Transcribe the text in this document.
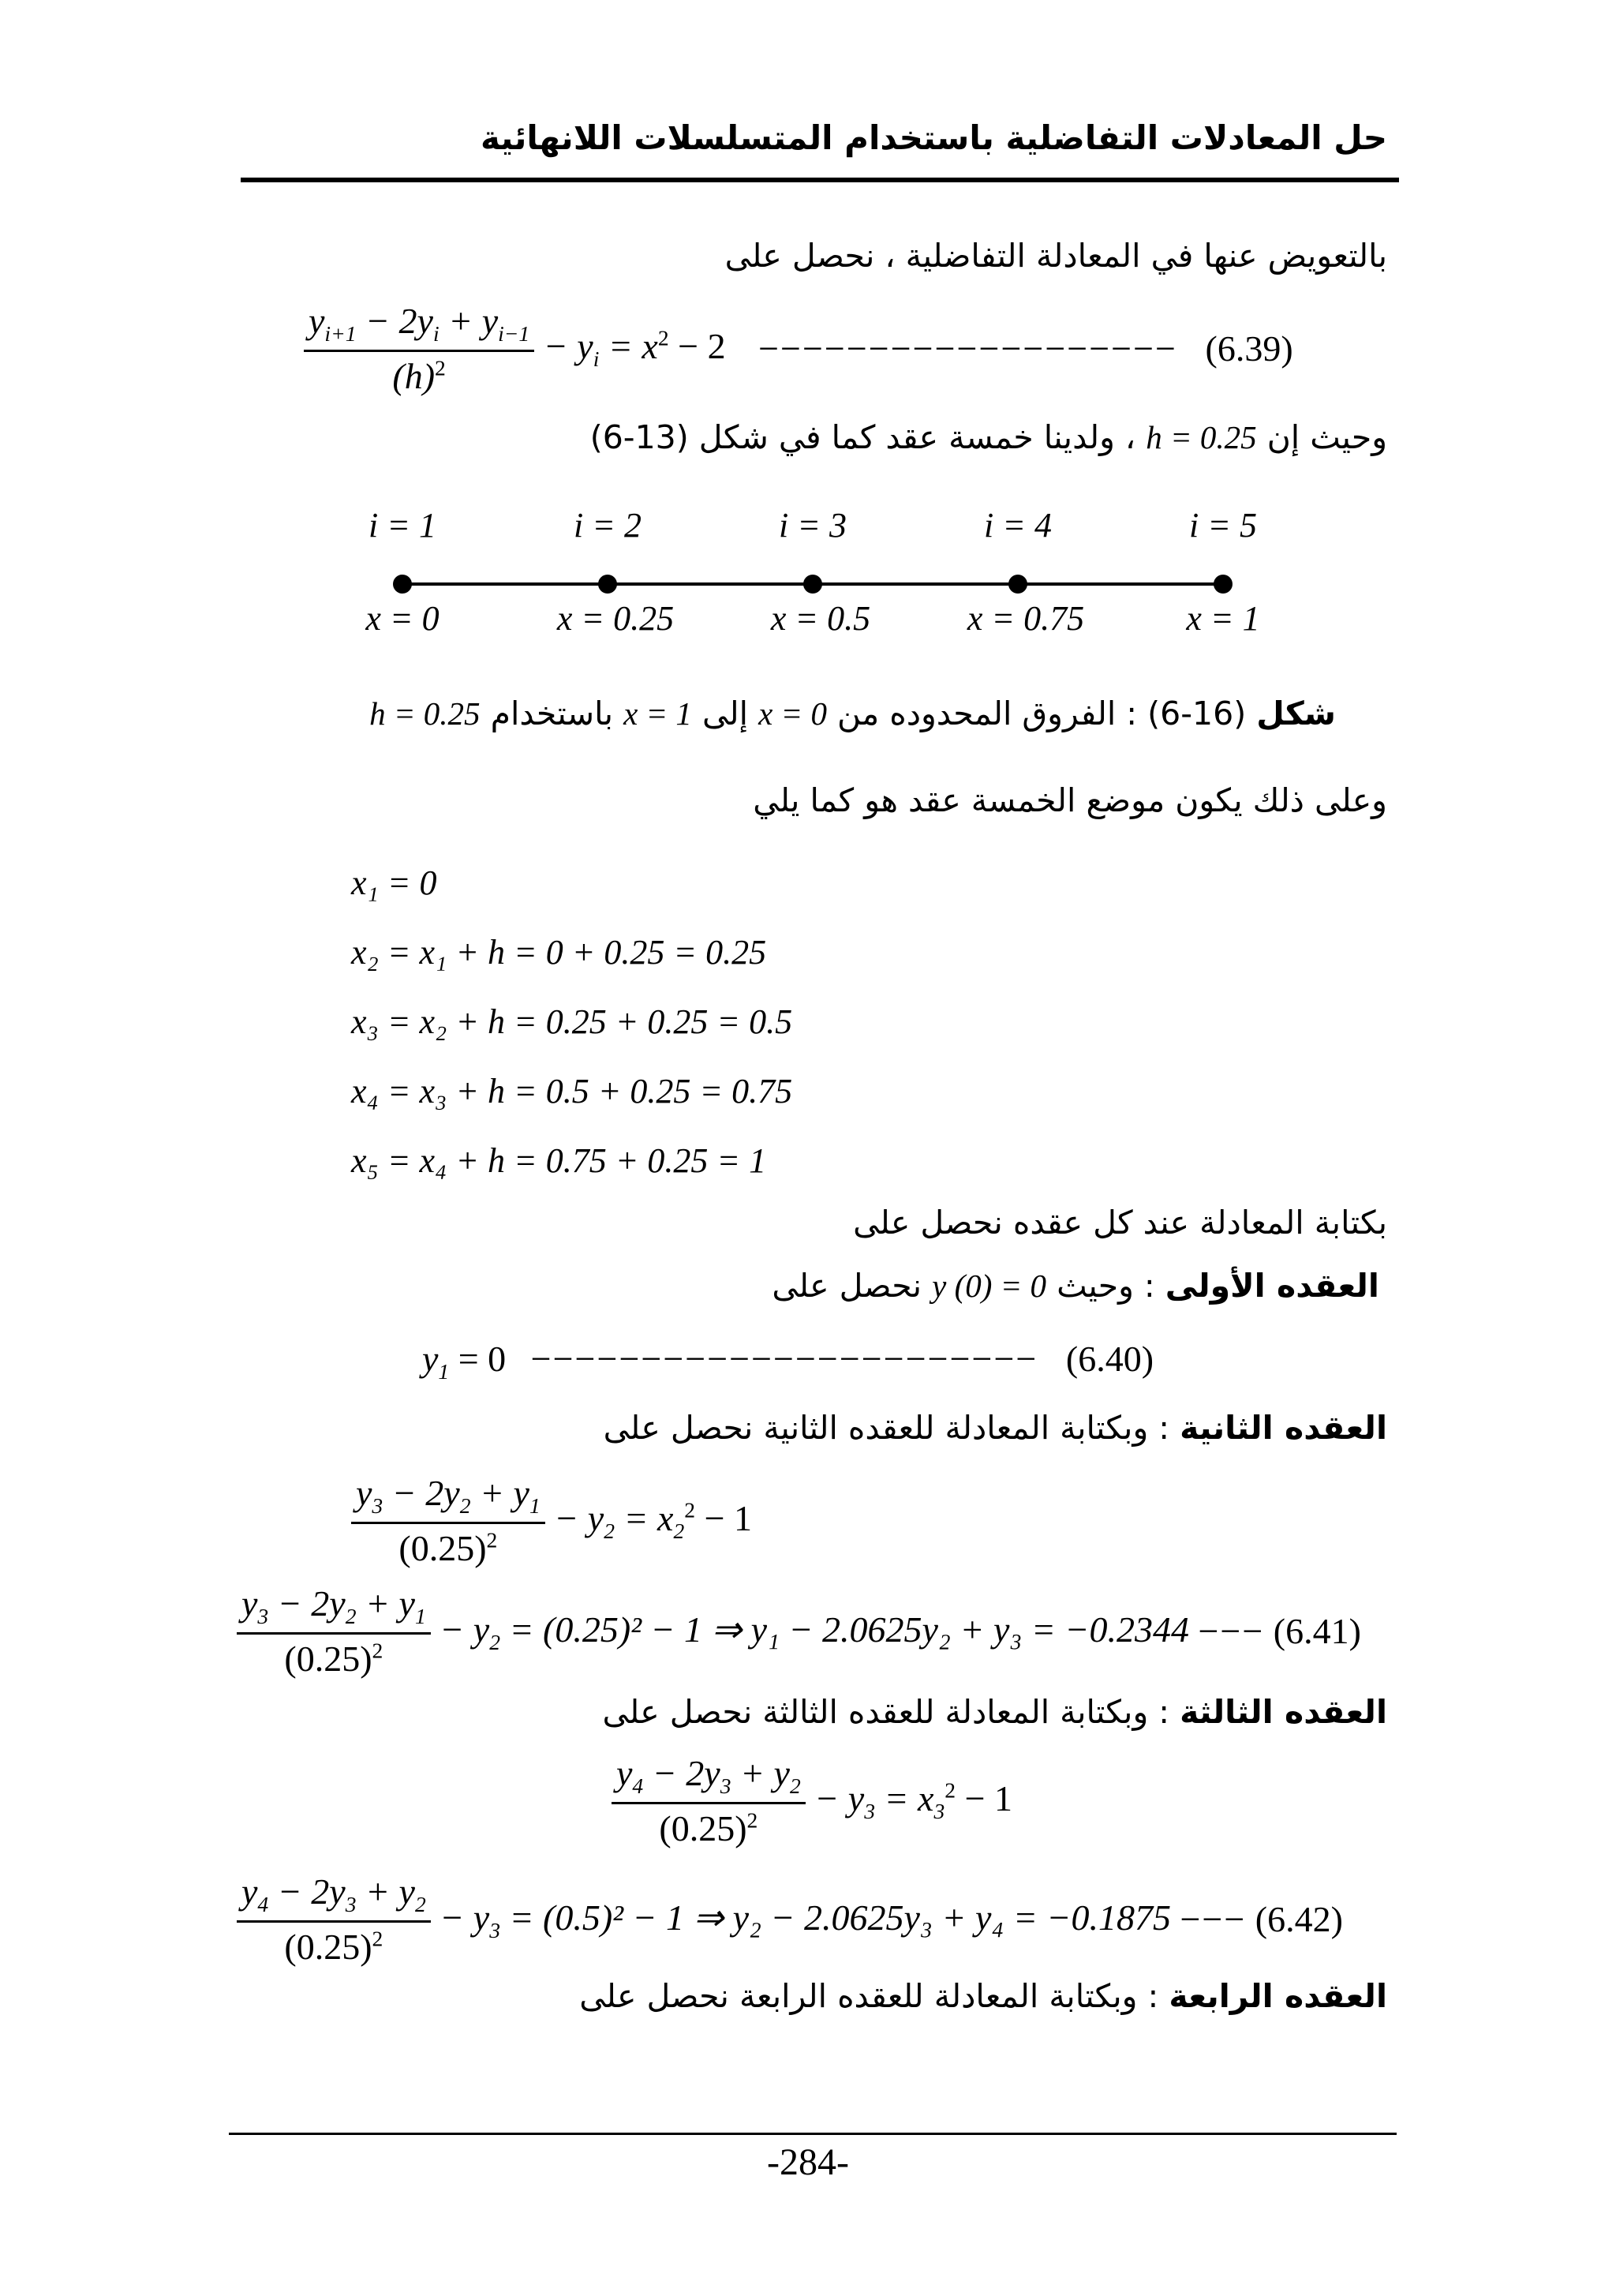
حل المعادلات التفاضلية باستخدام المتسلسلات اللانهائية
بالتعويض عنها في المعادلة التفاضلية ، نحصل على
$\frac{y_{i+1} - 2y_i + y_{i-1}}{(h)^2} - y_i = x^2 - 2$ −−−−−−−−−−−−−−−−−−− (6.39)
وحيث إن h = 0.25 ، ولدينا خمسة عقد كما في شكل (13-6)
i = 1	i = 2	i = 3	i = 4	i = 5
x = 0	x = 0.25	x = 0.5	x = 0.75	x = 1
شكل (16-6) : الفروق المحدوده من x = 0 إلى x = 1 باستخدام h = 0.25
وعلى ذلك يكون موضع الخمسة عقد هو كما يلي
x₁ = 0
x₂ = x₁ + h = 0 + 0.25 = 0.25
x₃ = x₂ + h = 0.25 + 0.25 = 0.5
x₄ = x₃ + h = 0.5 + 0.25 = 0.75
x₅ = x₄ + h = 0.75 + 0.25 = 1
بكتابة المعادلة عند كل عقده نحصل على
العقده الأولى : وحيث y (0) = 0 نحصل على
$y_1 = 0$ −−−−−−−−−−−−−−−−−−−−−−− (6.40)
العقده الثانية : وبكتابة المعادلة للعقده الثانية نحصل على
$\frac{y_3 - 2y_2 + y_1}{(0.25)^2} - y_2 = x_2^2 - 1$
$\frac{y_3 - 2y_2 + y_1}{(0.25)^2} - y_2 = (0.25)^2 - 1$ ⇒ y₁ − 2.0625y₂ + y₃ = −0.2344 −−− (6.41)
العقده الثالثة : وبكتابة المعادلة للعقده الثالثة نحصل على
$\frac{y_4 - 2y_3 + y_2}{(0.25)^2} - y_3 = x_3^2 - 1$
$\frac{y_4 - 2y_3 + y_2}{(0.25)^2} - y_3 = (0.5)^2 - 1$ ⇒ y₂ − 2.0625y₃ + y₄ = −0.1875 −−− (6.42)
العقده الرابعة : وبكتابة المعادلة للعقده الرابعة نحصل على
-284-
